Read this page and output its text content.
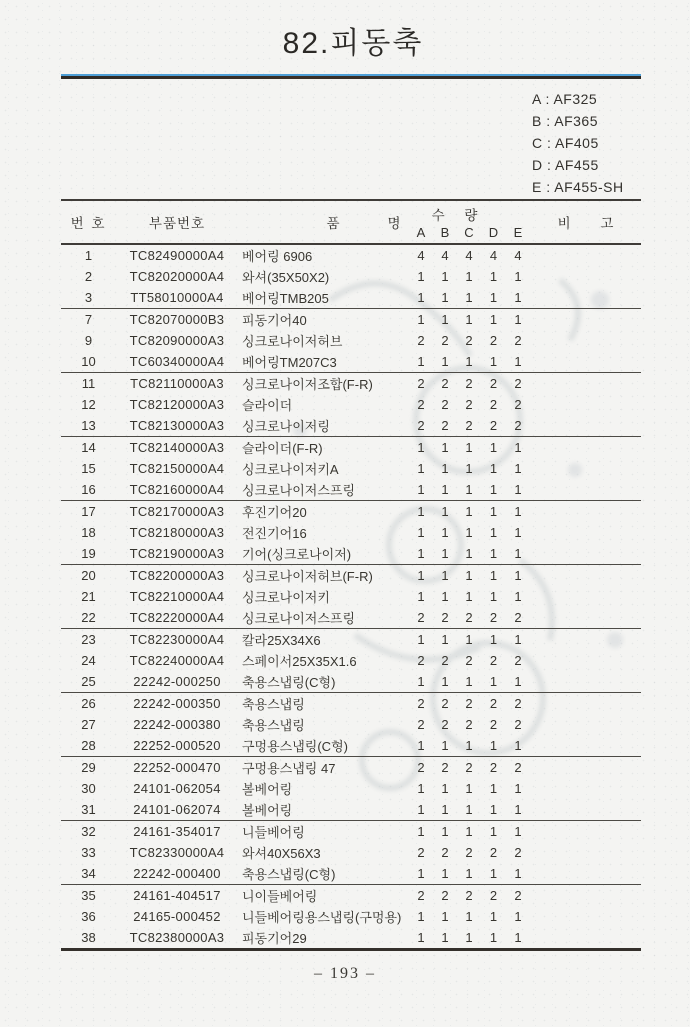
82.피동축
A : AF325
B : AF365
C : AF405
D : AF455
E : AF455-SH
번 호	부품번호	품	명
수 량
A	B	C	D	E
비 고
1	TC82490000A4	베어링 6906	4	4	4	4	4
2	TC82020000A4	와셔(35X50X2)	1	1	1	1	1
3	TT58010000A4	베어링TMB205	1	1	1	1	1
7	TC82070000B3	피동기어40	1	1	1	1	1
9	TC82090000A3	싱크로나이저허브	2	2	2	2	2
10	TC60340000A4	베어링TM207C3	1	1	1	1	1
11	TC82110000A3	싱크로나이저조합(F-R)	2	2	2	2	2
12	TC82120000A3	슬라이더	2	2	2	2	2
13	TC82130000A3	싱크로나이저링	2	2	2	2	2
14	TC82140000A3	슬라이더(F-R)	1	1	1	1	1
15	TC82150000A4	싱크로나이저키A	1	1	1	1	1
16	TC82160000A4	싱크로나이저스프링	1	1	1	1	1
17	TC82170000A3	후진기어20	1	1	1	1	1
18	TC82180000A3	전진기어16	1	1	1	1	1
19	TC82190000A3	기어(싱크로나이저)	1	1	1	1	1
20	TC82200000A3	싱크로나이저허브(F-R)	1	1	1	1	1
21	TC82210000A4	싱크로나이저키	1	1	1	1	1
22	TC82220000A4	싱크로나이저스프링	2	2	2	2	2
23	TC82230000A4	칼라25X34X6	1	1	1	1	1
24	TC82240000A4	스페이서25X35X1.6	2	2	2	2	2
25	22242-000250	축용스냅링(C형)	1	1	1	1	1
26	22242-000350	축용스냅링	2	2	2	2	2
27	22242-000380	축용스냅링	2	2	2	2	2
28	22252-000520	구멍용스냅링(C형)	1	1	1	1	1
29	22252-000470	구멍용스냅링 47	2	2	2	2	2
30	24101-062054	볼베어링	1	1	1	1	1
31	24101-062074	볼베어링	1	1	1	1	1
32	24161-354017	니들베어링	1	1	1	1	1
33	TC82330000A4	와셔40X56X3	2	2	2	2	2
34	22242-000400	축용스냅링(C형)	1	1	1	1	1
35	24161-404517	니이들베어링	2	2	2	2	2
36	24165-000452	니들베어링용스냅링(구멍용)	1	1	1	1	1
38	TC82380000A3	피동기어29	1	1	1	1	1
– 193 –
